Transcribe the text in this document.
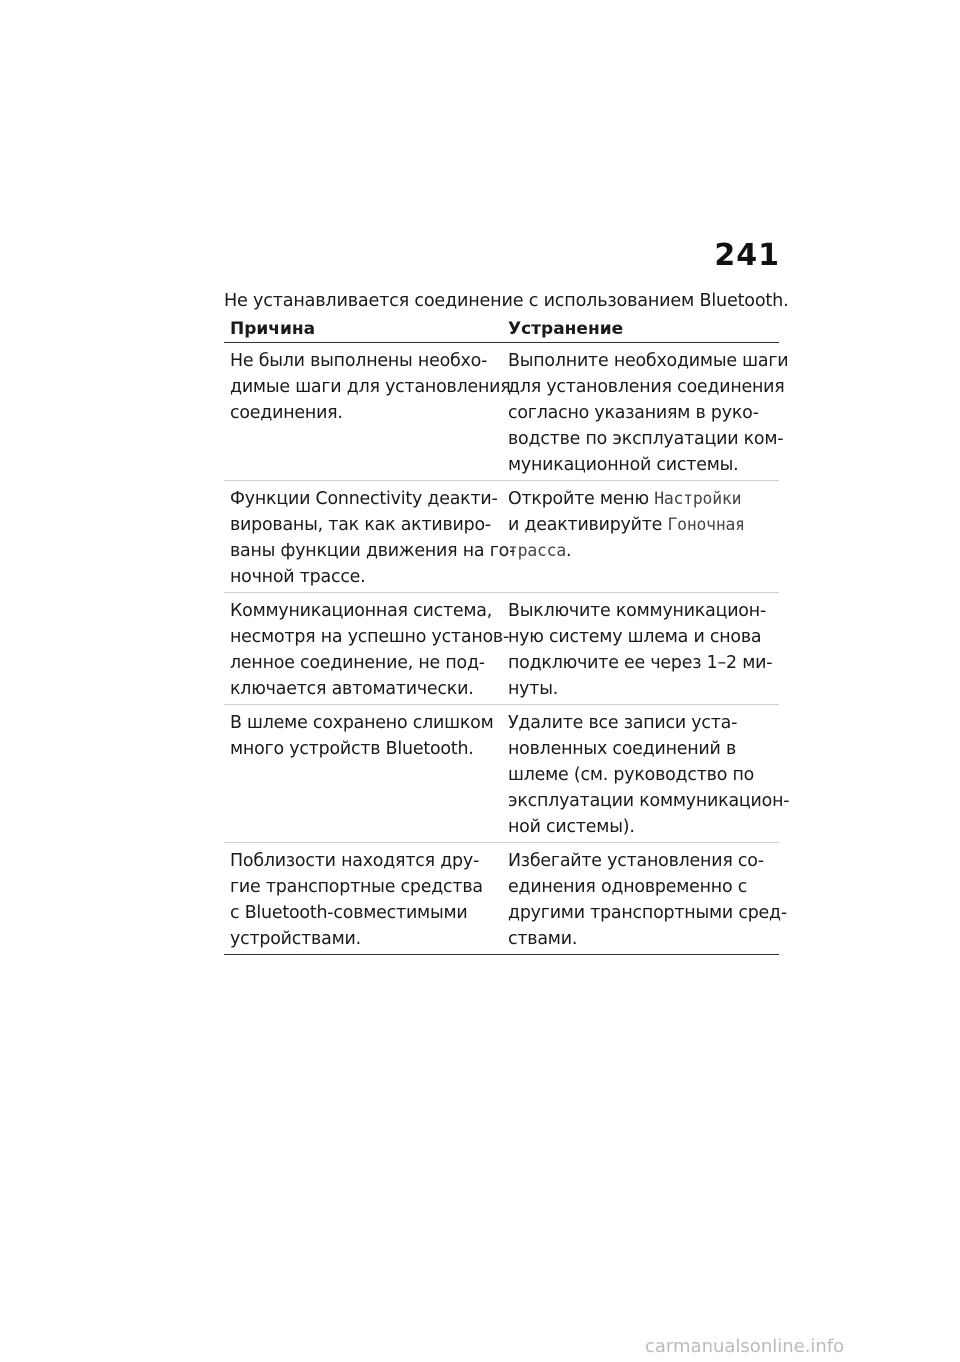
241
Не устанавливается соединение с использованием Bluetooth.
Причина	Устранение
Не были выполнены необхо-
димые шаги для установления
соединения.
Выполните необходимые шаги
для установления соединения
согласно указаниям в руко-
водстве по эксплуатации ком-
муникационной системы.
Функции Connectivity деакти-
вированы, так как активиро-
ваны функции движения на го-
ночной трассе.
Откройте меню Настройки
и деактивируйте Гоночная
трасса.
Коммуникационная система,
несмотря на успешно установ-
ленное соединение, не под-
ключается автоматически.
Выключите коммуникацион-
ную систему шлема и снова
подключите ее через 1–2 ми-
нуты.
В шлеме сохранено слишком
много устройств Bluetooth.
Удалите все записи уста-
новленных соединений в
шлеме (см. руководство по
эксплуатации коммуникацион-
ной системы).
Поблизости находятся дру-
гие транспортные средства
с Bluetooth-совместимыми
устройствами.
Избегайте установления со-
единения одновременно с
другими транспортными сред-
ствами.
carmanualsonline.info
